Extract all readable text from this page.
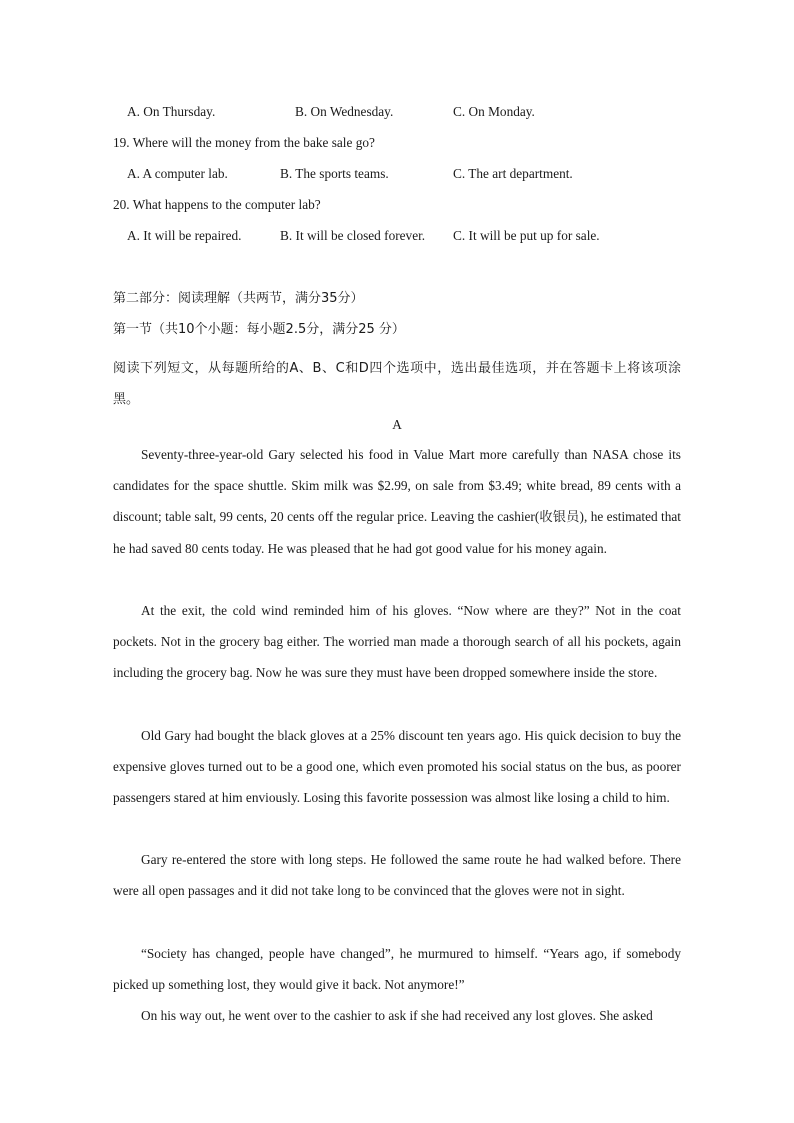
A. On Thursday.	B. On Wednesday.	C. On Monday.
19. Where will the money from the bake sale go?
A. A computer lab.	B. The sports teams.	C. The art department.
20. What happens to the computer lab?
A. It will be repaired.	B. It will be closed forever. C. It will be put up for sale.
第二部分：阅读理解（共两节，满分35分）
第一节（共10个小题：每小题2.5分，满分25 分）
阅读下列短文，从每题所给的A、B、C和D四个选项中，选出最佳选项，并在答题卡上将该项涂黑。
A
Seventy-three-year-old Gary selected his food in Value Mart more carefully than NASA chose its candidates for the space shuttle. Skim milk was $2.99, on sale from $3.49; white bread, 89 cents with a discount; table salt, 99 cents, 20 cents off the regular price. Leaving the cashier(收银员), he estimated that he had saved 80 cents today. He was pleased that he had got good value for his money again.
At the exit, the cold wind reminded him of his gloves. “Now where are they?” Not in the coat pockets. Not in the grocery bag either. The worried man made a thorough search of all his pockets, again including the grocery bag. Now he was sure they must have been dropped somewhere inside the store.
Old Gary had bought the black gloves at a 25% discount ten years ago. His quick decision to buy the expensive gloves turned out to be a good one, which even promoted his social status on the bus, as poorer passengers stared at him enviously. Losing this favorite possession was almost like losing a child to him.
Gary re-entered the store with long steps. He followed the same route he had walked before. There were all open passages and it did not take long to be convinced that the gloves were not in sight.
“Society has changed, people have changed”, he murmured to himself. “Years ago, if somebody picked up something lost, they would give it back. Not anymore!”
On his way out, he went over to the cashier to ask if she had received any lost gloves. She asked
